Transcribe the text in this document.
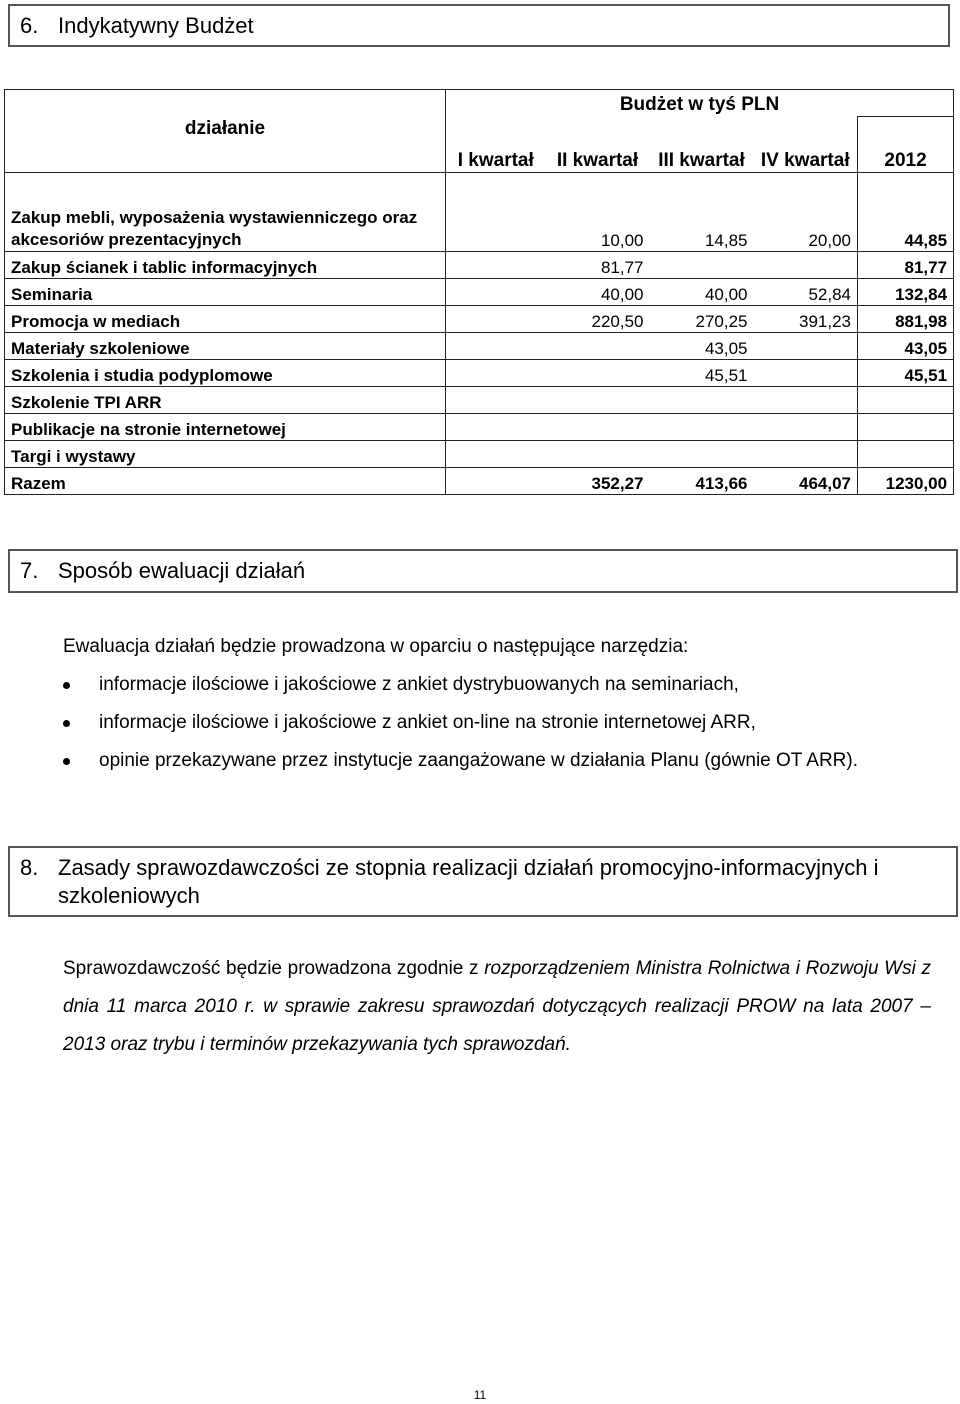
6. Indykatywny Budżet
działanie	Budżet w tyś PLN				
	I kwartał	II kwartał	III kwartał	IV kwartał	2012
Zakup mebli, wyposażenia wystawienniczego oraz akcesoriów prezentacyjnych		10,00	14,85	20,00	44,85
Zakup ścianek i tablic informacyjnych		81,77			81,77
Seminaria		40,00	40,00	52,84	132,84
Promocja w mediach		220,50	270,25	391,23	881,98
Materiały szkoleniowe			43,05		43,05
Szkolenia i studia podyplomowe			45,51		45,51
Szkolenie TPI ARR					
Publikacje na stronie internetowej					
Targi i wystawy					
Razem		352,27	413,66	464,07	1230,00
7. Sposób ewaluacji działań
Ewaluacja działań będzie prowadzona w oparciu o następujące narzędzia:
informacje ilościowe i jakościowe z ankiet dystrybuowanych na seminariach,
informacje ilościowe i jakościowe z ankiet on-line na stronie internetowej ARR,
opinie przekazywane przez instytucje zaangażowane w działania Planu (gównie OT ARR).
8. Zasady sprawozdawczości ze stopnia realizacji działań promocyjno-informacyjnych i szkoleniowych
Sprawozdawczość będzie prowadzona zgodnie z rozporządzeniem Ministra Rolnictwa i Rozwoju Wsi z dnia 11 marca 2010 r. w sprawie zakresu sprawozdań dotyczących realizacji PROW na lata 2007 – 2013 oraz trybu i terminów przekazywania tych sprawozdań.
11
